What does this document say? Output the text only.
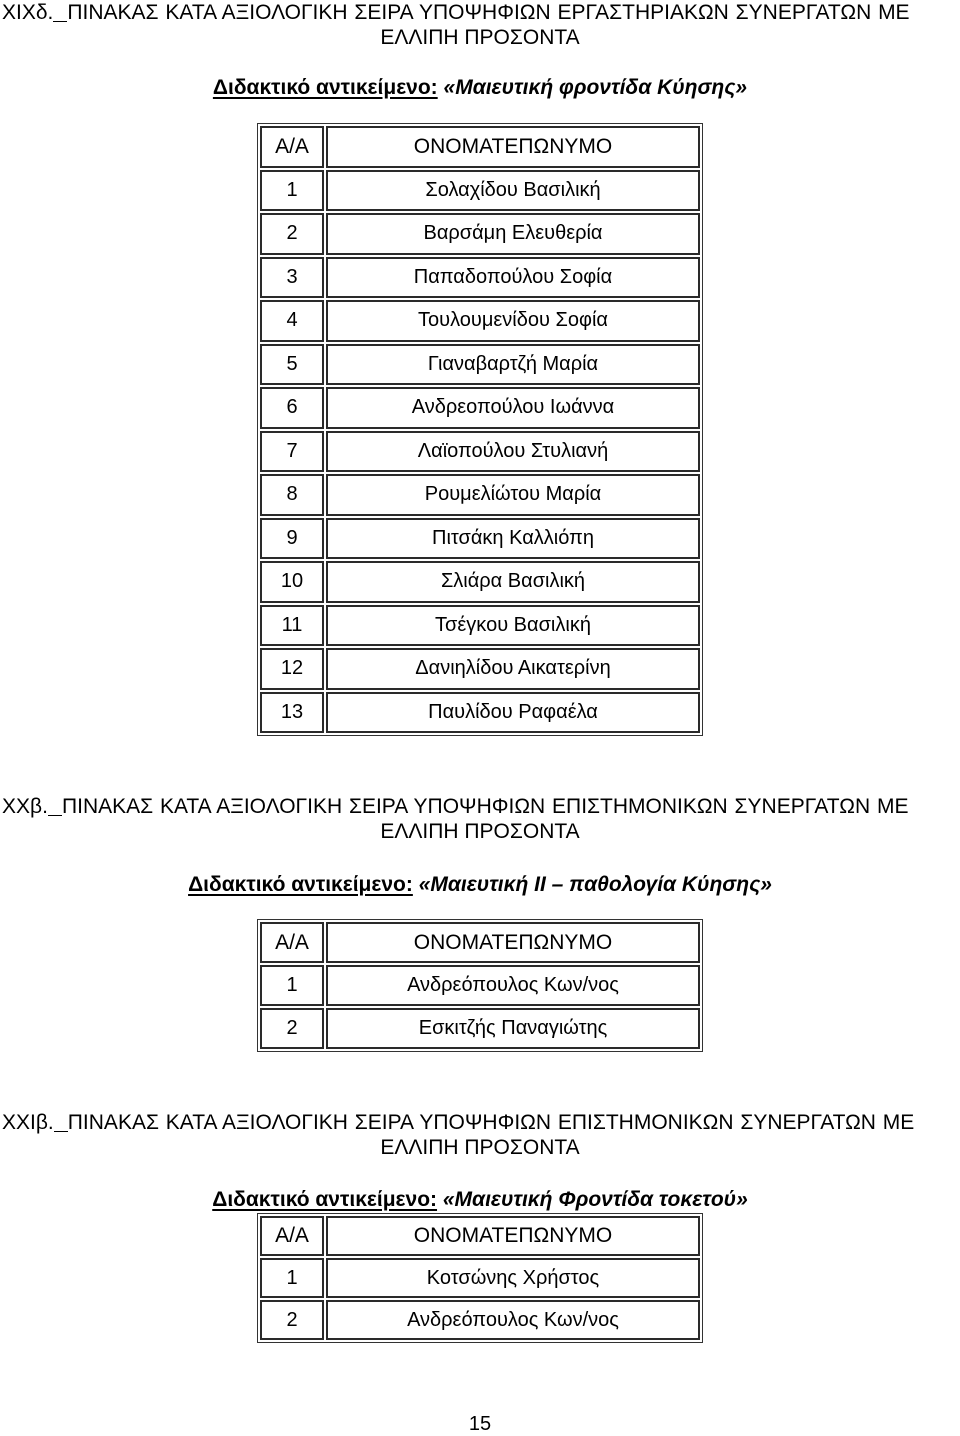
ΧΙΧδ. ΠΙΝΑΚΑΣ ΚΑΤΑ ΑΞΙΟΛΟΓΙΚΗ ΣΕΙΡΑ ΥΠΟΨΗΦΙΩΝ ΕΡΓΑΣΤΗΡΙΑΚΩΝ ΣΥΝΕΡΓΑΤΩΝ ΜΕ
ΕΛΛΙΠΗ ΠΡΟΣΟΝΤΑ
Διδακτικό αντικείμενο: «Μαιευτική φροντίδα Κύησης»
Α/Α	ΟΝΟΜΑΤΕΠΩΝΥΜΟ
1	Σολαχίδου Βασιλική
2	Βαρσάμη Ελευθερία
3	Παπαδοπούλου Σοφία
4	Τουλουμενίδου Σοφία
5	Γιαναβαρτζή Μαρία
6	Ανδρεοπούλου Ιωάννα
7	Λαϊοπούλου Στυλιανή
8	Ρουμελίώτου Μαρία
9	Πιτσάκη Καλλιόπη
10	Σλιάρα Βασιλική
11	Τσέγκου Βασιλική
12	Δανιηλίδου Αικατερίνη
13	Παυλίδου Ραφαέλα
ΧΧβ. ΠΙΝΑΚΑΣ ΚΑΤΑ ΑΞΙΟΛΟΓΙΚΗ ΣΕΙΡΑ ΥΠΟΨΗΦΙΩΝ ΕΠΙΣΤΗΜΟΝΙΚΩΝ ΣΥΝΕΡΓΑΤΩΝ ΜΕ
ΕΛΛΙΠΗ ΠΡΟΣΟΝΤΑ
Διδακτικό αντικείμενο: «Μαιευτική ΙΙ – παθολογία Κύησης»
Α/Α	ΟΝΟΜΑΤΕΠΩΝΥΜΟ
1	Ανδρεόπουλος Κων/νος
2	Εσκιτζής Παναγιώτης
ΧΧΙβ. ΠΙΝΑΚΑΣ ΚΑΤΑ ΑΞΙΟΛΟΓΙΚΗ ΣΕΙΡΑ ΥΠΟΨΗΦΙΩΝ ΕΠΙΣΤΗΜΟΝΙΚΩΝ ΣΥΝΕΡΓΑΤΩΝ ΜΕ
ΕΛΛΙΠΗ ΠΡΟΣΟΝΤΑ
Διδακτικό αντικείμενο: «Μαιευτική Φροντίδα τοκετού»
Α/Α	ΟΝΟΜΑΤΕΠΩΝΥΜΟ
1	Κοτσώνης Χρήστος
2	Ανδρεόπουλος Κων/νος
15
